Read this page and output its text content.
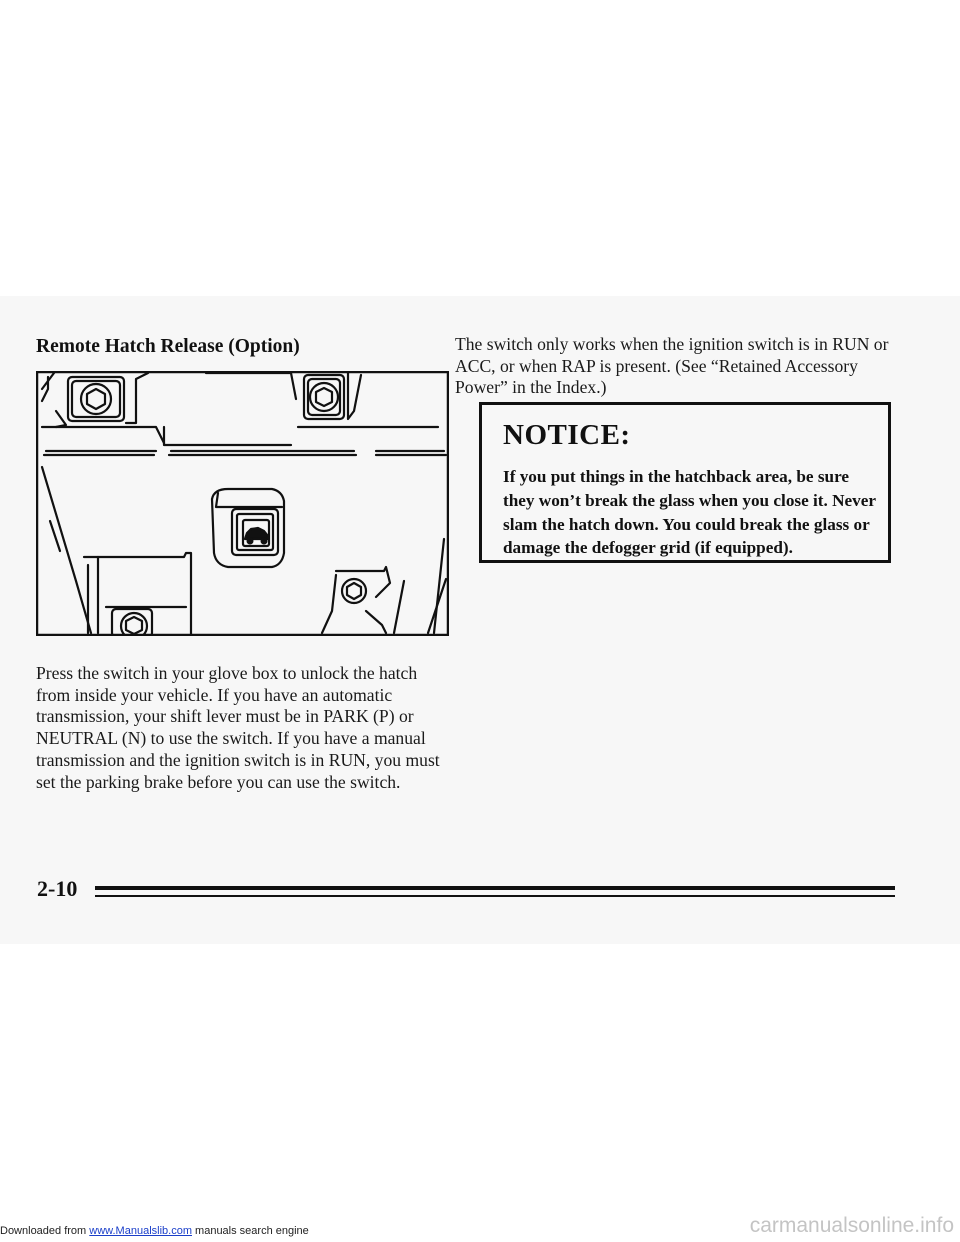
Remote Hatch Release (Option)

Press the switch in your glove box to unlock the hatch from inside your vehicle. If you have an automatic transmission, your shift lever must be in PARK (P) or NEUTRAL (N) to use the switch. If you have a manual transmission and the ignition switch is in RUN, you must set the parking brake before you can use the switch.

The switch only works when the ignition switch is in RUN or ACC, or when RAP is present. (See “Retained Accessory Power” in the Index.)

NOTICE:

If you put things in the hatchback area, be sure they won’t break the glass when you close it. Never slam the hatch down. You could break the glass or damage the defogger grid (if equipped).

2-10

Downloaded from www.Manualslib.com manuals search engine	carmanualsonline.info
